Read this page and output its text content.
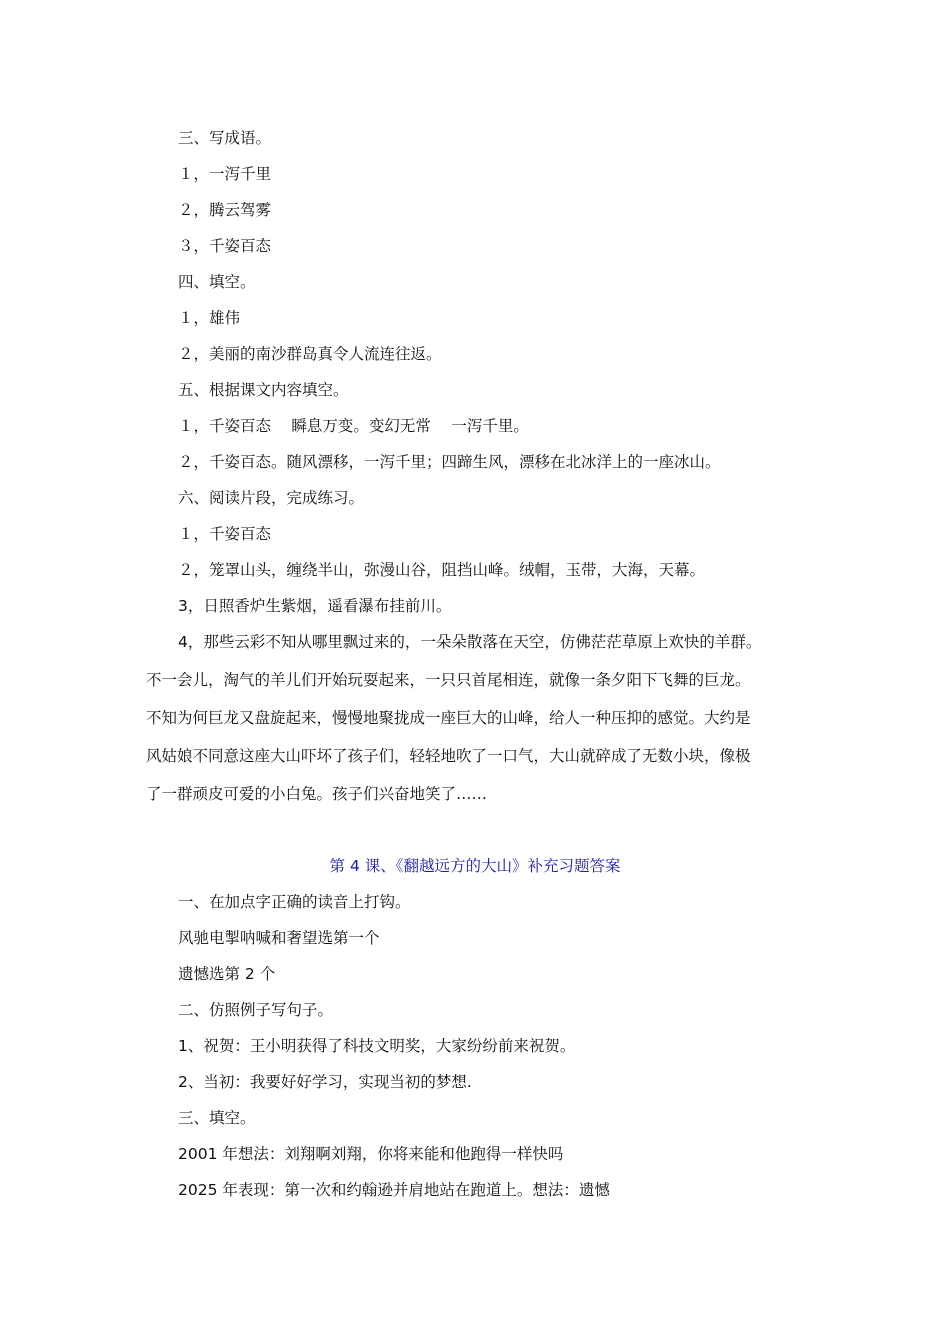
三、写成语。
１，一泻千里
２，腾云驾雾
３，千姿百态
四、填空。
１，雄伟
２，美丽的南沙群岛真令人流连往返。
五、根据课文内容填空。
１，千姿百态　 瞬息万变。变幻无常　 一泻千里。
２，千姿百态。随风漂移，一泻千里；四蹄生风，漂移在北冰洋上的一座冰山。
六、阅读片段，完成练习。
１，千姿百态
２，笼罩山头，缠绕半山，弥漫山谷，阻挡山峰。绒帽，玉带，大海，天幕。
3，日照香炉生紫烟，遥看瀑布挂前川。
4，那些云彩不知从哪里飘过来的，一朵朵散落在天空，仿佛茫茫草原上欢快的羊群。
不一会儿，淘气的羊儿们开始玩耍起来，一只只首尾相连，就像一条夕阳下飞舞的巨龙。
不知为何巨龙又盘旋起来，慢慢地聚拢成一座巨大的山峰，给人一种压抑的感觉。大约是
风姑娘不同意这座大山吓坏了孩子们，轻轻地吹了一口气，大山就碎成了无数小块，像极
了一群顽皮可爱的小白兔。孩子们兴奋地笑了……
第 4 课、《翻越远方的大山》补充习题答案
一、在加点字正确的读音上打钩。
风驰电掣呐喊和奢望选第一个
遗憾选第 2 个
二、仿照例子写句子。
1、祝贺：王小明获得了科技文明奖，大家纷纷前来祝贺。
2、当初：我要好好学习，实现当初的梦想.
三、填空。
2001 年想法：刘翔啊刘翔，你将来能和他跑得一样快吗
2025 年表现：第一次和约翰逊并肩地站在跑道上。想法：遗憾
